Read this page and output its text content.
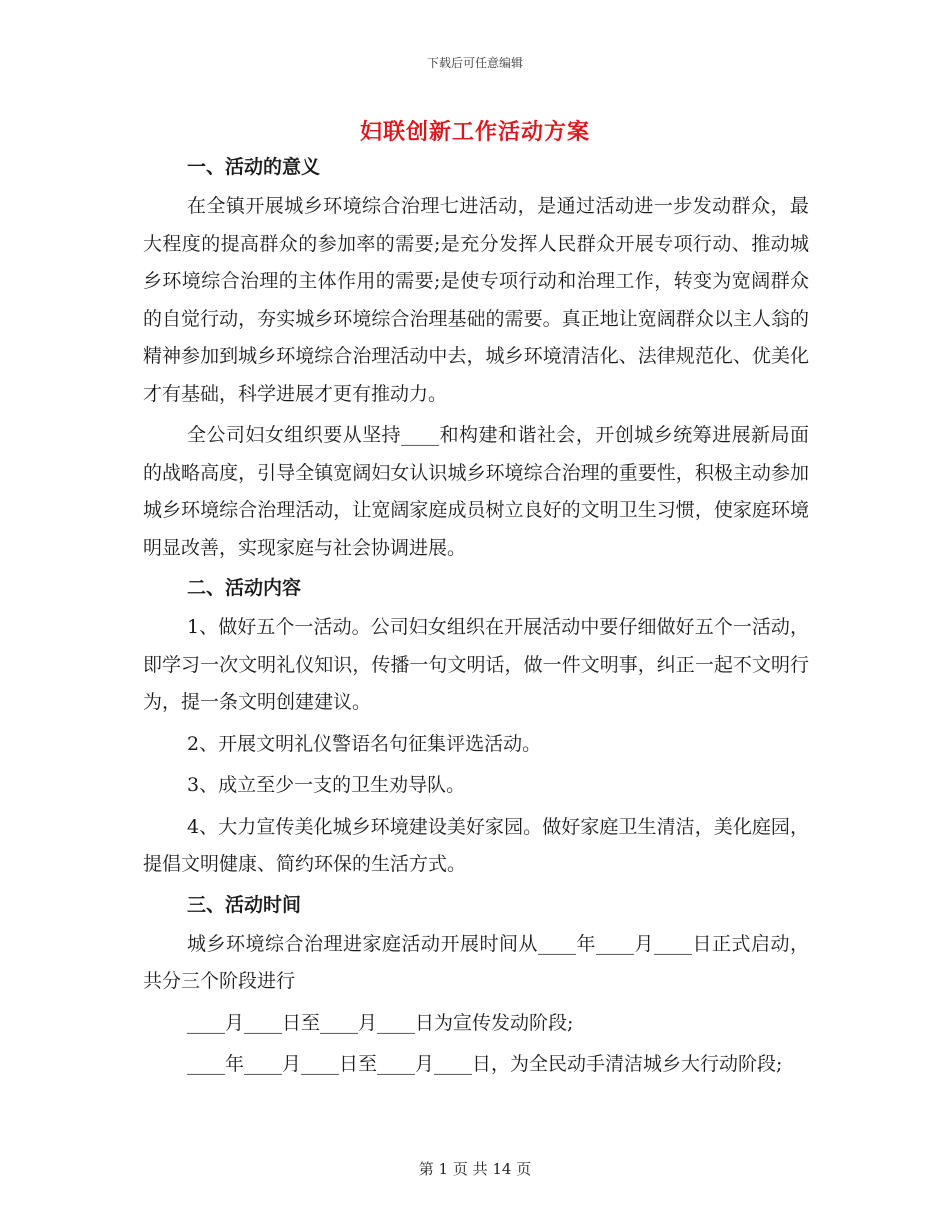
下载后可任意编辑
妇联创新工作活动方案
一、活动的意义

在全镇开展城乡环境综合治理七进活动，是通过活动进一步发动群众，最大程度的提高群众的参加率的需要;是充分发挥人民群众开展专项行动、推动城乡环境综合治理的主体作用的需要;是使专项行动和治理工作，转变为宽阔群众的自觉行动，夯实城乡环境综合治理基础的需要。真正地让宽阔群众以主人翁的精神参加到城乡环境综合治理活动中去，城乡环境清洁化、法律规范化、优美化才有基础，科学进展才更有推动力。

全公司妇女组织要从坚持____和构建和谐社会，开创城乡统筹进展新局面的战略高度，引导全镇宽阔妇女认识城乡环境综合治理的重要性，积极主动参加城乡环境综合治理活动，让宽阔家庭成员树立良好的文明卫生习惯，使家庭环境明显改善，实现家庭与社会协调进展。

二、活动内容

1、做好五个一活动。公司妇女组织在开展活动中要仔细做好五个一活动，即学习一次文明礼仪知识，传播一句文明话，做一件文明事，纠正一起不文明行为，提一条文明创建建议。

2、开展文明礼仪警语名句征集评选活动。

3、成立至少一支的卫生劝导队。

4、大力宣传美化城乡环境建设美好家园。做好家庭卫生清洁，美化庭园，提倡文明健康、简约环保的生活方式。

三、活动时间

城乡环境综合治理进家庭活动开展时间从____年____月____日正式启动，共分三个阶段进行

____月____日至____月____日为宣传发动阶段;

____年____月____日至____月____日，为全民动手清洁城乡大行动阶段;

第 1 页 共 14 页
